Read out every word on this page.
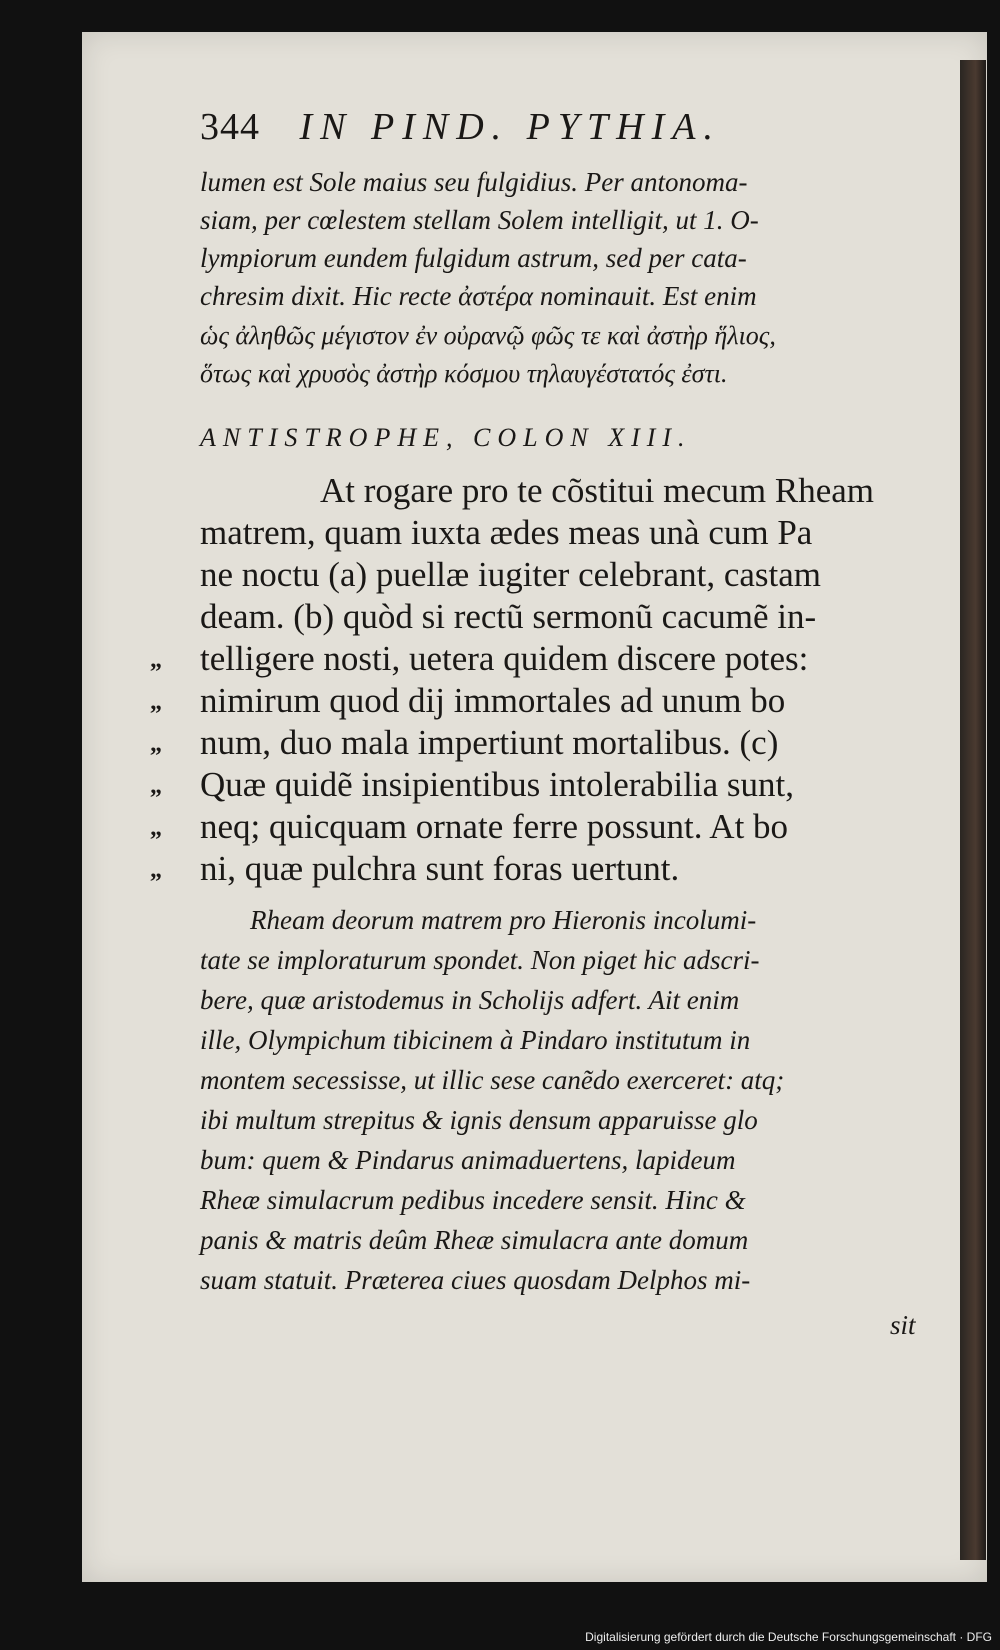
344 IN PIND. PYTHIA.
lumen est Sole maius seu fulgidius. Per antonoma-
siam, per cœlestem stellam Solem intelligit, ut 1. O-
lympiorum eundem fulgidum astrum, sed per cata-
chresim dixit. Hic recte ἀστέρα nominauit. Est enim
ὡς ἀληθῶς μέγιστον ἐν οὐρανῷ φῶς τε καὶ ἀστὴρ ἥλιος,
ὅτως καὶ χρυσὸς ἀστὴρ κόσμου τηλαυγέστατός ἐστι.
ANTISTROPHE, COLON XIII.
At rogare pro te cõstitui mecum Rheam
matrem, quam iuxta ædes meas unà cum Pa
ne noctu (a) puellæ iugiter celebrant, castam
deam. (b) quòd si rectũ sermonũ cacumẽ in-
telligere nosti, uetera quidem discere potes:
„
nimirum quod dij immortales ad unum bo
„
num, duo mala impertiunt mortalibus. (c)
„
Quæ quidẽ insipientibus intolerabilia sunt,
„
neq; quicquam ornate ferre possunt. At bo
„
ni, quæ pulchra sunt foras uertunt.
„
Rheam deorum matrem pro Hieronis incolumi-
tate se imploraturum spondet. Non piget hic adscri-
bere, quæ aristodemus in Scholijs adfert. Ait enim
ille, Olympichum tibicinem à Pindaro institutum in
montem secessisse, ut illic sese canẽdo exerceret: atq;
ibi multum strepitus & ignis densum apparuisse glo
bum: quem & Pindarus animaduertens, lapideum
Rheæ simulacrum pedibus incedere sensit. Hinc &
panis & matris deûm Rheæ simulacra ante domum
suam statuit. Præterea ciues quosdam Delphos mi-
sit
Digitalisierung gefördert durch die Deutsche Forschungsgemeinschaft · DFG
